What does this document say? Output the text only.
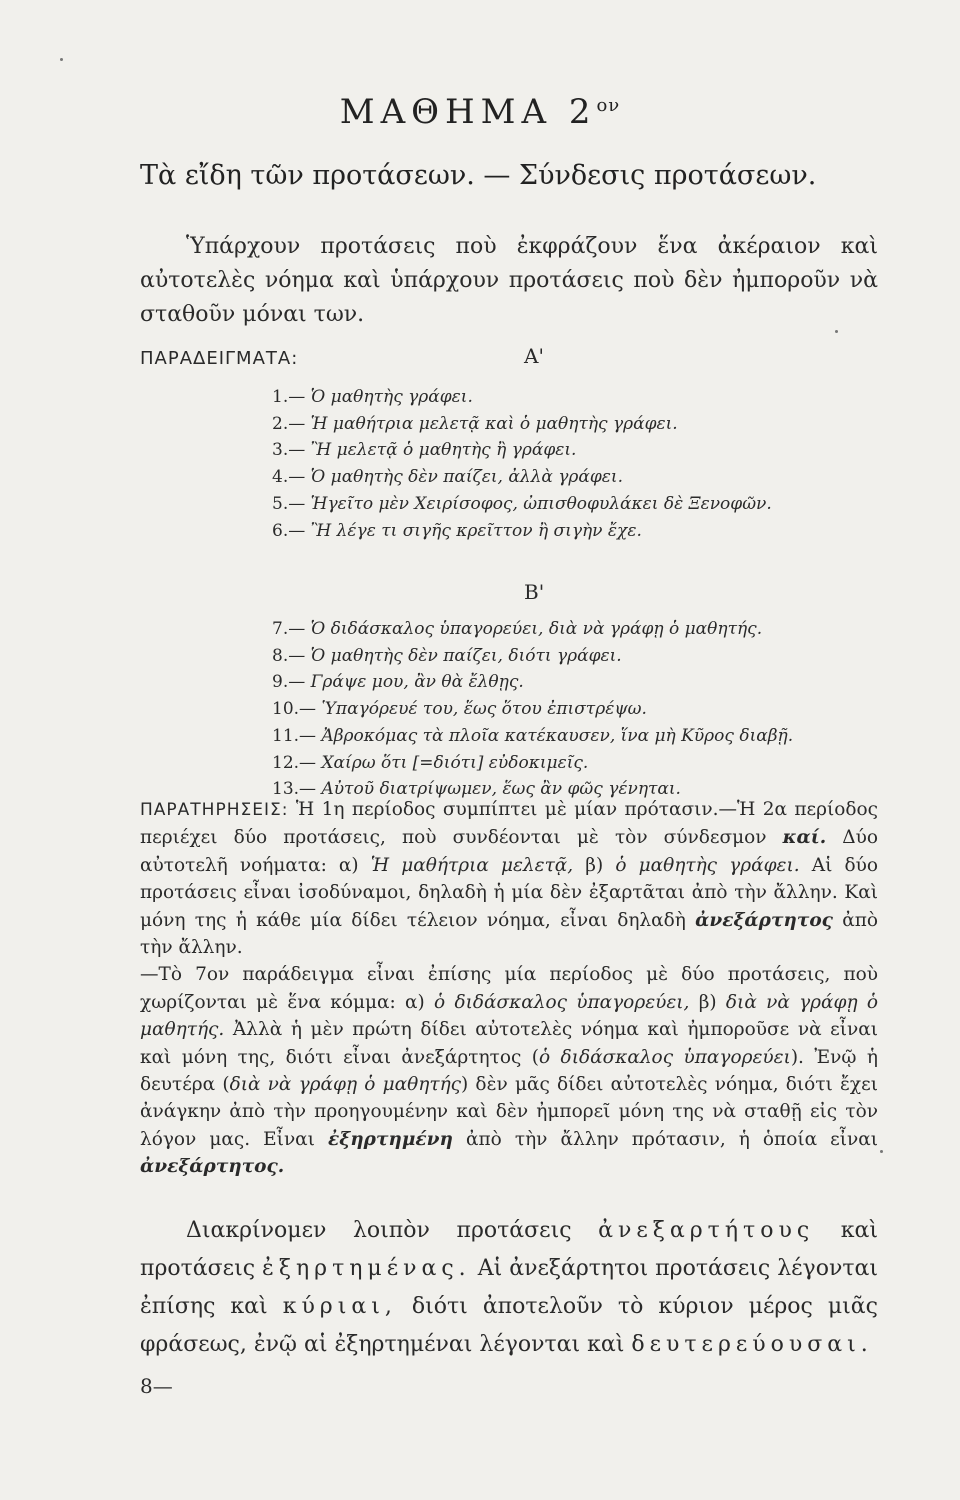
ΜΑΘΗΜΑ $2^{o\nu}$
Τὰ εἴδη τῶν προτάσεων. — Σύνδεσις προτάσεων.
Ὑπάρχουν προτάσεις ποὺ ἐκφράζουν ἕνα ἀκέραιον καὶ αὐτοτελὲς νόημα καὶ ὑπάρχουν προτάσεις ποὺ δὲν ἠμποροῦν νὰ σταθοῦν μόναι των.
ΠΑΡΑΔΕΙΓΜΑΤΑ:	Α'
1.— Ὁ μαθητὴς γράφει.
2.— Ἡ μαθήτρια μελετᾷ καὶ ὁ μαθητὴς γράφει.
3.— Ἢ μελετᾷ ὁ μαθητὴς ἢ γράφει.
4.— Ὁ μαθητὴς δὲν παίζει, ἀλλὰ γράφει.
5.— Ἡγεῖτο μὲν Χειρίσοφος, ὠπισθοφυλάκει δὲ Ξενοφῶν.
6.— Ἢ λέγε τι σιγῆς κρεῖττον ἢ σιγὴν ἔχε.
Β'
7.— Ὁ διδάσκαλος ὑπαγορεύει, διὰ νὰ γράφῃ ὁ μαθητής.
8.— Ὁ μαθητὴς δὲν παίζει, διότι γράφει.
9.— Γράψε μου, ἂν θὰ ἔλθῃς.
10.— Ὑπαγόρευέ του, ἕως ὅτου ἐπιστρέψω.
11.— Ἀβροκόμας τὰ πλοῖα κατέκαυσεν, ἵνα μὴ Κῦρος διαβῇ.
12.— Χαίρω ὅτι [=διότι] εὐδοκιμεῖς.
13.— Αὐτοῦ διατρίψωμεν, ἕως ἂν φῶς γένηται.

ΠΑΡΑΤΗΡΗΣΕΙΣ: Ἡ 1η περίοδος συμπίπτει μὲ μίαν πρότασιν.—Ἡ 2α περίοδος περιέχει δύο προτάσεις, ποὺ συνδέονται μὲ τὸν σύνδεσμον καί. Δύο αὐτοτελῆ νοήματα: α) Ἡ μαθήτρια μελετᾷ, β) ὁ μαθητὴς γράφει. Αἱ δύο προτάσεις εἶναι ἰσοδύναμοι, δηλαδὴ ἡ μία δὲν ἐξαρτᾶται ἀπὸ τὴν ἄλλην. Καὶ μόνη της ἡ κάθε μία δίδει τέλειον νόημα, εἶναι δηλαδὴ ἀνεξάρτητος ἀπὸ τὴν ἄλλην.

—Τὸ 7ον παράδειγμα εἶναι ἐπίσης μία περίοδος μὲ δύο προτάσεις, ποὺ χωρίζονται μὲ ἕνα κόμμα: α) ὁ διδάσκαλος ὑπαγορεύει, β) διὰ νὰ γράφῃ ὁ μαθητής. Ἀλλὰ ἡ μὲν πρώτη δίδει αὐτοτελὲς νόημα καὶ ἠμποροῦσε νὰ εἶναι καὶ μόνη της, διότι εἶναι ἀνεξάρτητος (ὁ διδάσκαλος ὑπαγορεύει). Ἐνῷ ἡ δευτέρα (διὰ νὰ γράφῃ ὁ μαθητής) δὲν μᾶς δίδει αὐτοτελὲς νόημα, διότι ἔχει ἀνάγκην ἀπὸ τὴν προηγουμένην καὶ δὲν ἠμπορεῖ μόνη της νὰ σταθῇ εἰς τὸν λόγον μας. Εἶναι ἐξηρτημένη ἀπὸ τὴν ἄλλην πρότασιν, ἡ ὁποία εἶναι ἀνεξάρτητος.

Διακρίνομεν λοιπὸν προτάσεις ἀνεξαρτήτους καὶ προτάσεις ἐξηρτημένας. Αἱ ἀνεξάρτητοι προτάσεις λέγονται ἐπίσης καὶ κύριαι, διότι ἀποτελοῦν τὸ κύριον μέρος μιᾶς φράσεως, ἐνῷ αἱ ἐξηρτημέναι λέγονται καὶ δευτερεύουσαι.

8—
